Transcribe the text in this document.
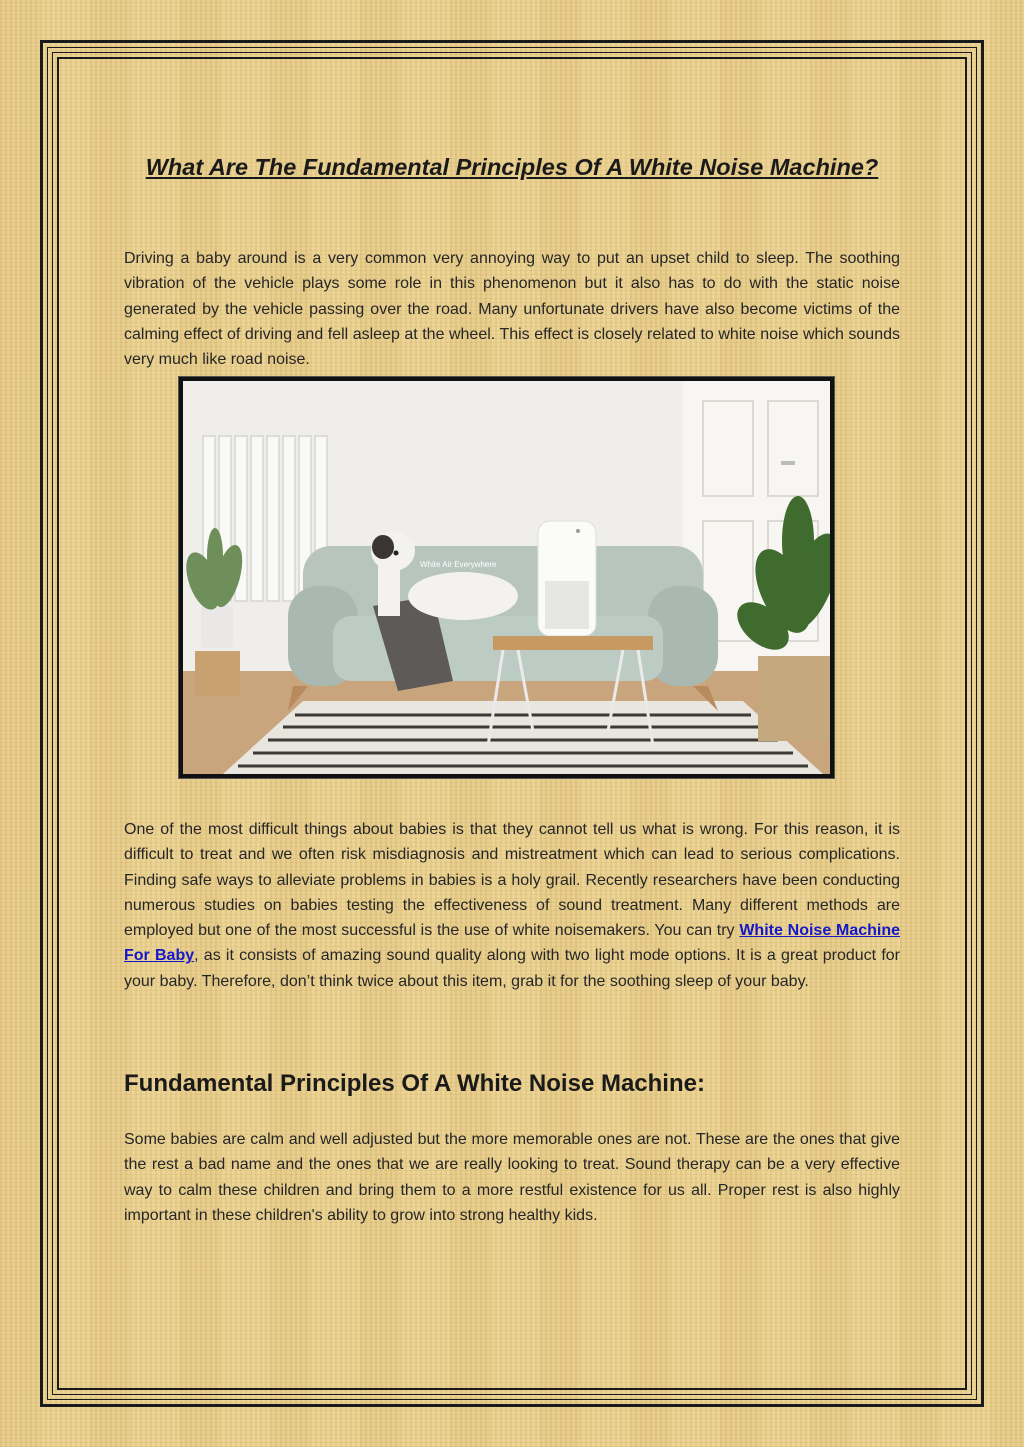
What Are The Fundamental Principles Of A White Noise Machine?

Driving a baby around is a very common very annoying way to put an upset child to sleep. The soothing vibration of the vehicle plays some role in this phenomenon but it also has to do with the static noise generated by the vehicle passing over the road. Many unfortunate drivers have also become victims of the calming effect of driving and fell asleep at the wheel. This effect is closely related to white noise which sounds very much like road noise.

White Air Everywhere

One of the most difficult things about babies is that they cannot tell us what is wrong. For this reason, it is difficult to treat and we often risk misdiagnosis and mistreatment which can lead to serious complications. Finding safe ways to alleviate problems in babies is a holy grail. Recently researchers have been conducting numerous studies on babies testing the effectiveness of sound treatment. Many different methods are employed but one of the most successful is the use of white noisemakers. You can try White Noise Machine For Baby, as it consists of amazing sound quality along with two light mode options. It is a great product for your baby. Therefore, don’t think twice about this item, grab it for the soothing sleep of your baby.

Fundamental Principles Of A White Noise Machine:

Some babies are calm and well adjusted but the more memorable ones are not. These are the ones that give the rest a bad name and the ones that we are really looking to treat. Sound therapy can be a very effective way to calm these children and bring them to a more restful existence for us all. Proper rest is also highly important in these children's ability to grow into strong healthy kids.
